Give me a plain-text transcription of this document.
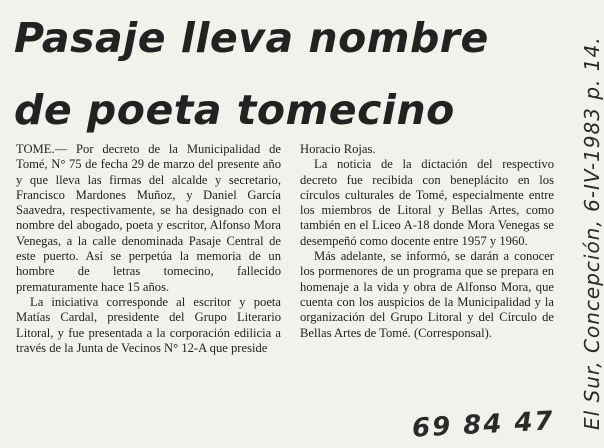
Pasaje lleva nombre
de poeta tomecino

TOME.— Por decreto de la Municipalidad de Tomé, N° 75 de fecha 29 de marzo del presente año y que lleva las firmas del alcalde y secretario, Francisco Mardones Muñoz, y Daniel García Saavedra, respectivamente, se ha designado con el nombre del abogado, poeta y escritor, Alfonso Mora Venegas, a la calle denominada Pasaje Central de este puerto. Así se perpetúa la memoria de un hombre de letras tomecino, fallecido prematuramente hace 15 años.

La iniciativa corresponde al escritor y poeta Matías Cardal, presidente del Grupo Literario Litoral, y fue presentada a la corporación edilicia a través de la Junta de Vecinos N° 12-A que preside

Horacio Rojas.

La noticia de la dictación del respectivo decreto fue recibida con beneplácito en los círculos culturales de Tomé, especialmente entre los miembros de Litoral y Bellas Artes, como también en el Liceo A-18 donde Mora Venegas se desempeñó como docente entre 1957 y 1960.

Más adelante, se informó, se darán a conocer los pormenores de un programa que se prepara en homenaje a la vida y obra de Alfonso Mora, que cuenta con los auspicios de la Municipalidad y la organización del Grupo Litoral y del Círculo de Bellas Artes de Tomé. (Corresponsal).	El Sur, Concepción, 6-IV-1983 p. 14.
69 84 47
